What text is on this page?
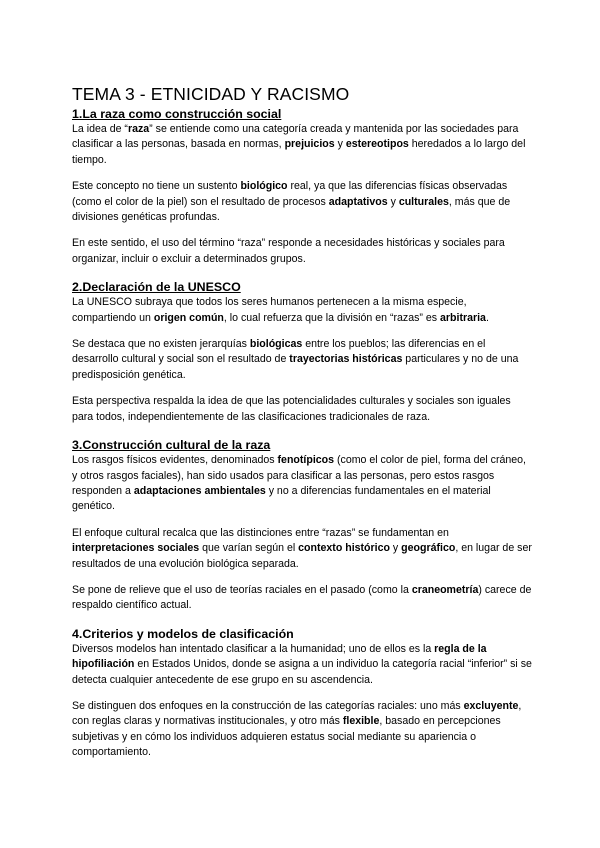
TEMA 3 - ETNICIDAD Y RACISMO
1.La raza como construcción social

La idea de “raza” se entiende como una categoría creada y mantenida por las sociedades para clasificar a las personas, basada en normas, prejuicios y estereotipos heredados a lo largo del tiempo.

Este concepto no tiene un sustento biológico real, ya que las diferencias físicas observadas (como el color de la piel) son el resultado de procesos adaptativos y culturales, más que de divisiones genéticas profundas.

En este sentido, el uso del término “raza” responde a necesidades históricas y sociales para organizar, incluir o excluir a determinados grupos.

2.Declaración de la UNESCO

La UNESCO subraya que todos los seres humanos pertenecen a la misma especie, compartiendo un origen común, lo cual refuerza que la división en “razas” es arbitraria.

Se destaca que no existen jerarquías biológicas entre los pueblos; las diferencias en el desarrollo cultural y social son el resultado de trayectorias históricas particulares y no de una predisposición genética.

Esta perspectiva respalda la idea de que las potencialidades culturales y sociales son iguales para todos, independientemente de las clasificaciones tradicionales de raza.

3.Construcción cultural de la raza

Los rasgos físicos evidentes, denominados fenotípicos (como el color de piel, forma del cráneo, y otros rasgos faciales), han sido usados para clasificar a las personas, pero estos rasgos responden a adaptaciones ambientales y no a diferencias fundamentales en el material genético.

El enfoque cultural recalca que las distinciones entre “razas” se fundamentan en interpretaciones sociales que varían según el contexto histórico y geográfico, en lugar de ser resultados de una evolución biológica separada.

Se pone de relieve que el uso de teorías raciales en el pasado (como la craneometría) carece de respaldo científico actual.

4.Criterios y modelos de clasificación

Diversos modelos han intentado clasificar a la humanidad; uno de ellos es la regla de la hipofiliación en Estados Unidos, donde se asigna a un individuo la categoría racial “inferior” si se detecta cualquier antecedente de ese grupo en su ascendencia.

Se distinguen dos enfoques en la construcción de las categorías raciales: uno más excluyente, con reglas claras y normativas institucionales, y otro más flexible, basado en percepciones subjetivas y en cómo los individuos adquieren estatus social mediante su apariencia o comportamiento.
